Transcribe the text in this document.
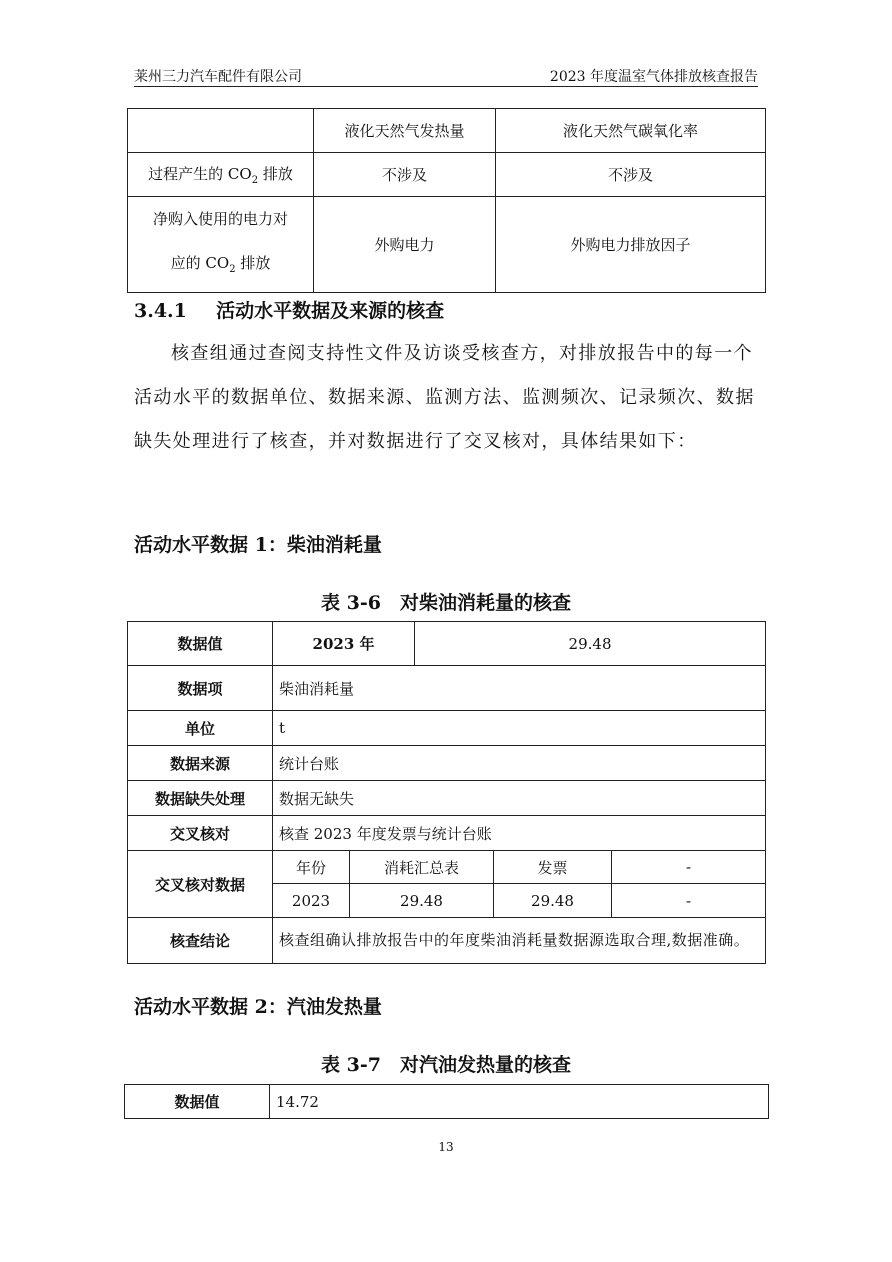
莱州三力汽车配件有限公司	2023 年度温室气体排放核查报告
	液化天然气发热量	液化天然气碳氧化率
过程产生的 $CO_2$ 排放	不涉及	不涉及

净购入使用的电力对
应的 $CO_2$ 排放	外购电力	外购电力排放因子
3.4.1 活动水平数据及来源的核查
核查组通过查阅支持性文件及访谈受核查方，对排放报告中的每一个活动水平的数据单位、数据来源、监测方法、监测频次、记录频次、数据缺失处理进行了核查，并对数据进行了交叉核对，具体结果如下：
活动水平数据 1：柴油消耗量
表 3-6　对柴油消耗量的核查
数据值	2023 年		29.48		
数据项	柴油消耗量				
单位	t				
数据来源	统计台账				
数据缺失处理	数据无缺失				
交叉核对	核查 2023 年度发票与统计台账				
交叉核对数据	年份	消耗汇总表		发票	-
	2023	29.48		29.48	-
核查结论	核查组确认排放报告中的年度柴油消耗量数据源选取合理,数据准确。				
活动水平数据 2：汽油发热量
表 3-7　对汽油发热量的核查
数据值	14.72
13
